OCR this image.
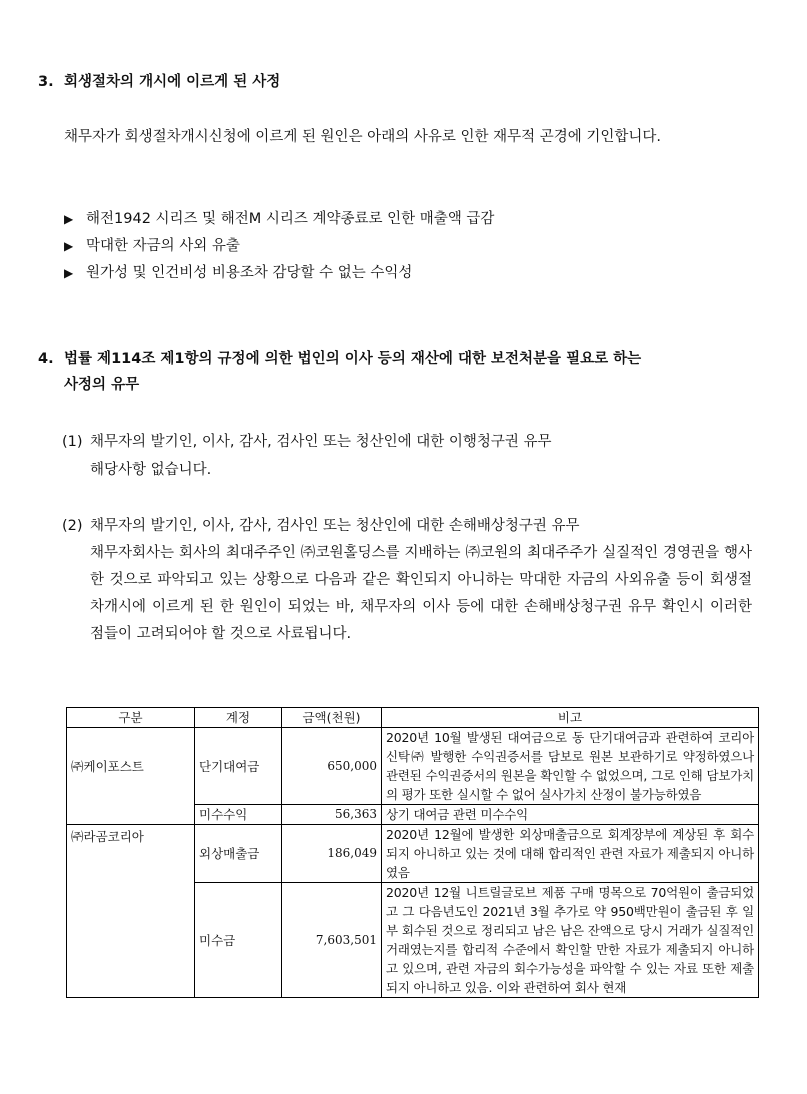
3. 회생절차의 개시에 이르게 된 사정
채무자가 회생절차개시신청에 이르게 된 원인은 아래의 사유로 인한 재무적 곤경에 기인합니다.
▶ 해전1942 시리즈 및 해전M 시리즈 계약종료로 인한 매출액 급감
▶ 막대한 자금의 사외 유출
▶ 원가성 및 인건비성 비용조차 감당할 수 없는 수익성
4. 법률 제114조 제1항의 규정에 의한 법인의 이사 등의 재산에 대한 보전처분을 필요로 하는
사정의 유무
(1) 채무자의 발기인, 이사, 감사, 검사인 또는 청산인에 대한 이행청구권 유무
해당사항 없습니다.
(2) 채무자의 발기인, 이사, 감사, 검사인 또는 청산인에 대한 손해배상청구권 유무
채무자회사는 회사의 최대주주인 ㈜코원홀딩스를 지배하는 ㈜코원의 최대주주가 실질적인 경영권을 행사한 것으로 파악되고 있는 상황으로 다음과 같은 확인되지 아니하는 막대한 자금의 사외유출 등이 회생절차개시에 이르게 된 한 원인이 되었는 바, 채무자의 이사 등에 대한 손해배상청구권 유무 확인시 이러한 점들이 고려되어야 할 것으로 사료됩니다.
구분	계정	금액(천원)	비고
㈜케이포스트	단기대여금	650,000	2020년 10월 발생된 대여금으로 동 단기대여금과 관련하여 코리아신탁㈜ 발행한 수익권증서를 담보로 원본 보관하기로 약정하였으나 관련된 수익권증서의 원본을 확인할 수 없었으며, 그로 인해 담보가치의 평가 또한 실시할 수 없어 실사가치 산정이 불가능하였음
	미수수익	56,363	상기 대여금 관련 미수수익
㈜라곰코리아	외상매출금	186,049	2020년 12월에 발생한 외상매출금으로 회계장부에 계상된 후 회수되지 아니하고 있는 것에 대해 합리적인 관련 자료가 제출되지 아니하였음
	미수금	7,603,501	2020년 12월 니트릴글로브 제품 구매 명목으로 70억원이 출금되었고 그 다음년도인 2021년 3월 추가로 약 950백만원이 출금된 후 일부 회수된 것으로 정리되고 남은 남은 잔액으로 당시 거래가 실질적인 거래였는지를 합리적 수준에서 확인할 만한 자료가 제출되지 아니하고 있으며, 관련 자금의 회수가능성을 파악할 수 있는 자료 또한 제출되지 아니하고 있음. 이와 관련하여 회사 현재
